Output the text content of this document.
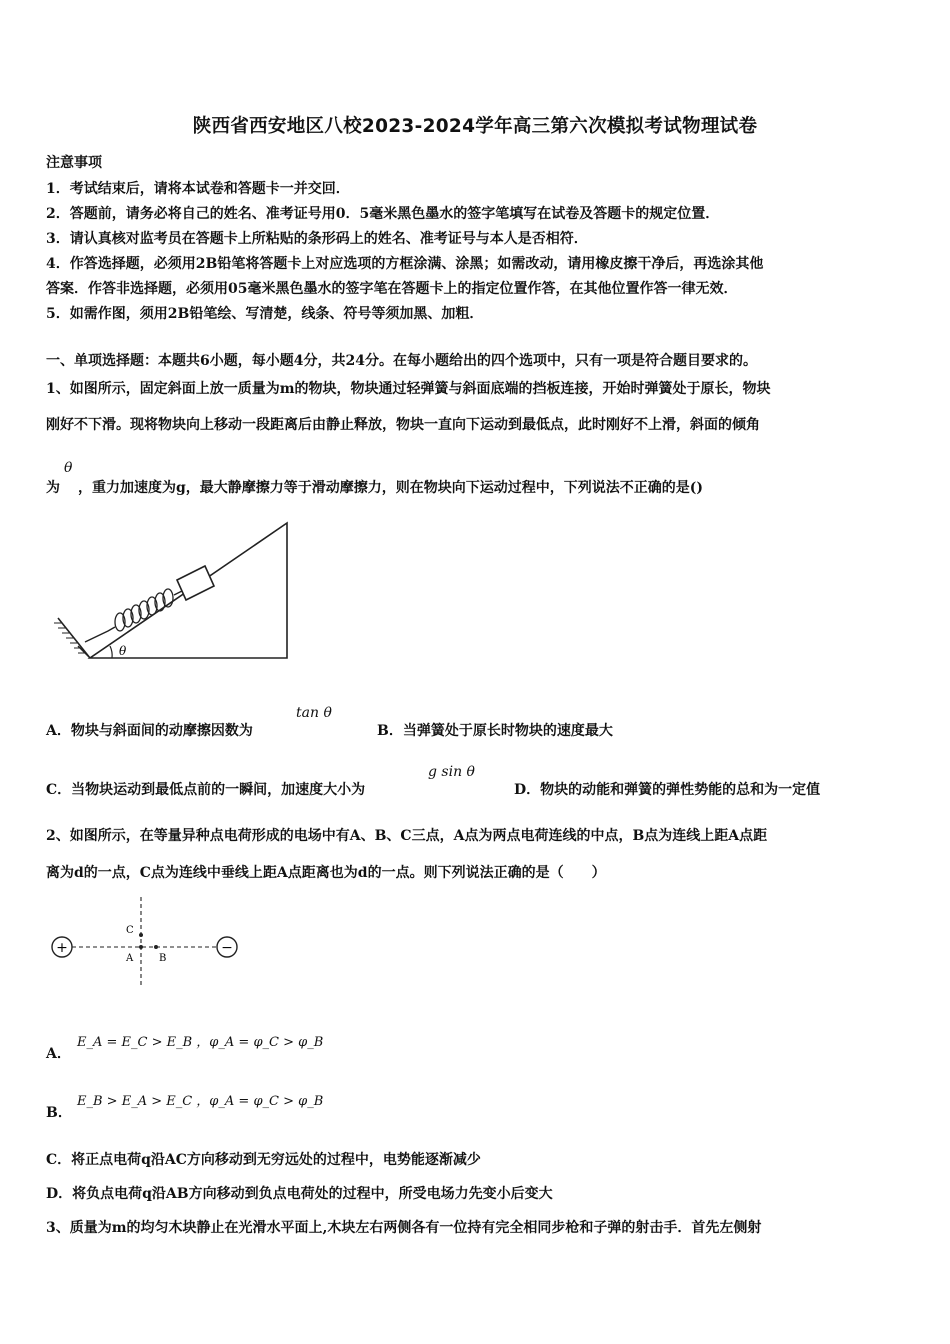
陕西省西安地区八校2023-2024学年高三第六次模拟考试物理试卷
注意事项
1．考试结束后，请将本试卷和答题卡一并交回．
2．答题前，请务必将自己的姓名、准考证号用0．5毫米黑色墨水的签字笔填写在试卷及答题卡的规定位置．
3．请认真核对监考员在答题卡上所粘贴的条形码上的姓名、准考证号与本人是否相符．
4．作答选择题，必须用2B铅笔将答题卡上对应选项的方框涂满、涂黑；如需改动，请用橡皮擦干净后，再选涂其他
答案．作答非选择题，必须用05毫米黑色墨水的签字笔在答题卡上的指定位置作答，在其他位置作答一律无效．
5．如需作图，须用2B铅笔绘、写清楚，线条、符号等须加黑、加粗．
一、单项选择题：本题共6小题，每小题4分，共24分。在每小题给出的四个选项中，只有一项是符合题目要求的。
1、如图所示，固定斜面上放一质量为m的物块，物块通过轻弹簧与斜面底端的挡板连接，开始时弹簧处于原长，物块
刚好不下滑。现将物块向上移动一段距离后由静止释放，物块一直向下运动到最低点，此时刚好不上滑，斜面的倾角
为
θ
，重力加速度为g，最大静摩擦力等于滑动摩擦力，则在物块向下运动过程中，下列说法不正确的是()
θ
A．物块与斜面间的动摩擦因数为
tan θ
B．当弹簧处于原长时物块的速度最大
C．当物块运动到最低点前的一瞬间，加速度大小为
g sin θ
D．物块的动能和弹簧的弹性势能的总和为一定值
2、如图所示，在等量异种点电荷形成的电场中有A、B、C三点，A点为两点电荷连线的中点，B点为连线上距A点距
离为d的一点，C点为连线中垂线上距A点距离也为d的一点。则下列说法正确的是（　　）
+	−
C
A	B
A．
E_A = E_C > E_B ，φ_A = φ_C > φ_B
B．
E_B > E_A > E_C ，φ_A = φ_C > φ_B
C．将正点电荷q沿AC方向移动到无穷远处的过程中，电势能逐渐减少
D．将负点电荷q沿AB方向移动到负点电荷处的过程中，所受电场力先变小后变大
3、质量为m的均匀木块静止在光滑水平面上,木块左右两侧各有一位持有完全相同步枪和子弹的射击手．首先左侧射
